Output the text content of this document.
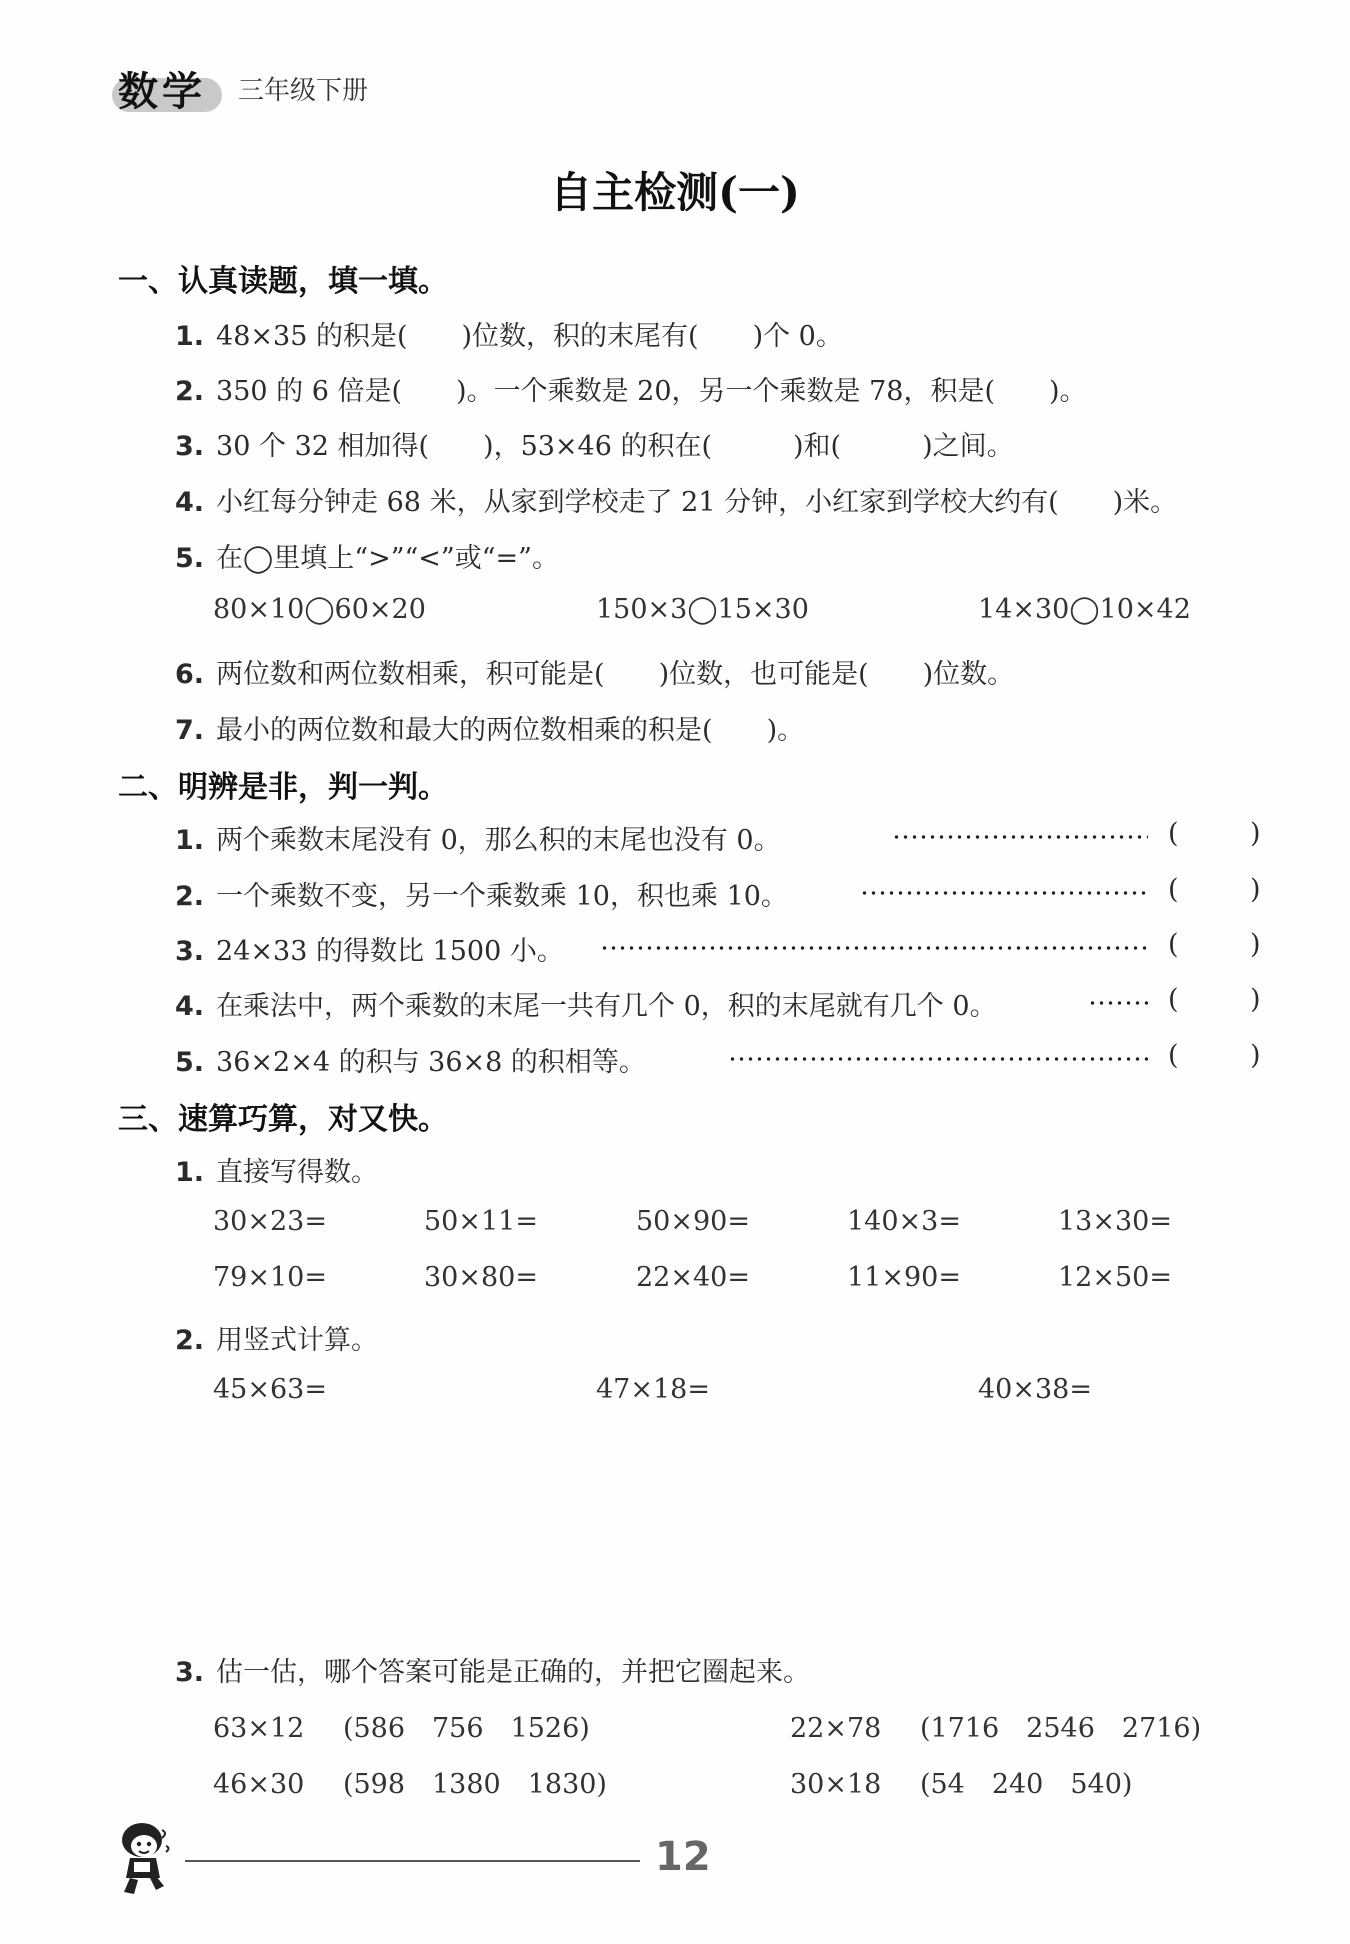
数学 三年级下册
自主检测(一)
一、认真读题，填一填。
1. 48×35 的积是(　　)位数，积的末尾有(　　)个 0。
2. 350 的 6 倍是(　　)。一个乘数是 20，另一个乘数是 78，积是(　　)。
3. 30 个 32 相加得(　　)，53×46 的积在(　　　)和(　　　)之间。
4. 小红每分钟走 68 米，从家到学校走了 21 分钟，小红家到学校大约有(　　)米。
5. 在◯里填上“>”“<”或“=”。
80×10◯60×20	150×3◯15×30	14×30◯10×42
6. 两位数和两位数相乘，积可能是(　　)位数，也可能是(　　)位数。
7. 最小的两位数和最大的两位数相乘的积是(　　)。
二、明辨是非，判一判。
1. 两个乘数末尾没有 0，那么积的末尾也没有 0。	(	)
2. 一个乘数不变，另一个乘数乘 10，积也乘 10。	(	)
3. 24×33 的得数比 1500 小。	(	)
4. 在乘法中，两个乘数的末尾一共有几个 0，积的末尾就有几个 0。	(	)
5. 36×2×4 的积与 36×8 的积相等。	(	)
三、速算巧算，对又快。
1. 直接写得数。
30×23=	50×11=	50×90=	140×3=	13×30=
79×10=	30×80=	22×40=	11×90=	12×50=
2. 用竖式计算。
45×63=	47×18=	40×38=
3. 估一估，哪个答案可能是正确的，并把它圈起来。
63×12 (586　756　1526)	22×78 (1716　2546　2716)
46×30 (598　1380　1830)	30×18 (54　240　540)
12
